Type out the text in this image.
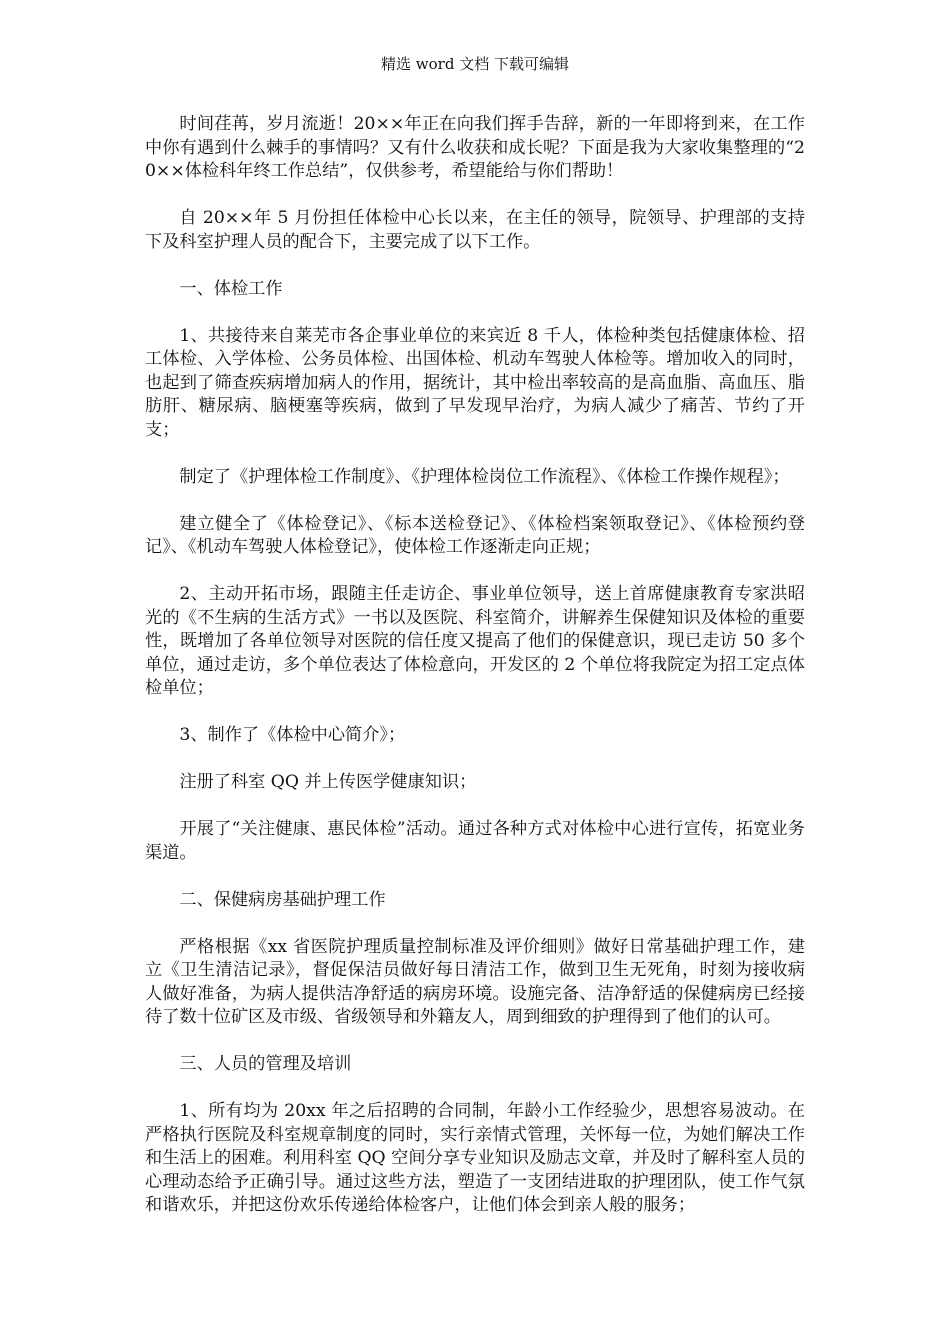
精选 word 文档 下载可编辑

时间荏苒，岁月流逝！20××年正在向我们挥手告辞，新的一年即将到来，在工作中你有遇到什么棘手的事情吗？又有什么收获和成长呢？下面是我为大家收集整理的“20××体检科年终工作总结”，仅供参考，希望能给与你们帮助！

自 20××年 5 月份担任体检中心长以来，在主任的领导，院领导、护理部的支持下及科室护理人员的配合下，主要完成了以下工作。

一、体检工作

1、共接待来自莱芜市各企事业单位的来宾近 8 千人，体检种类包括健康体检、招工体检、入学体检、公务员体检、出国体检、机动车驾驶人体检等。增加收入的同时，也起到了筛查疾病增加病人的作用，据统计，其中检出率较高的是高血脂、高血压、脂肪肝、糖尿病、脑梗塞等疾病，做到了早发现早治疗，为病人减少了痛苦、节约了开支；

制定了《护理体检工作制度》、《护理体检岗位工作流程》、《体检工作操作规程》；

建立健全了《体检登记》、《标本送检登记》、《体检档案领取登记》、《体检预约登记》、《机动车驾驶人体检登记》，使体检工作逐渐走向正规；

2、主动开拓市场，跟随主任走访企、事业单位领导，送上首席健康教育专家洪昭光的《不生病的生活方式》一书以及医院、科室简介，讲解养生保健知识及体检的重要性，既增加了各单位领导对医院的信任度又提高了他们的保健意识，现已走访 50 多个单位，通过走访，多个单位表达了体检意向，开发区的 2 个单位将我院定为招工定点体检单位；

3、制作了《体检中心简介》；

注册了科室 QQ 并上传医学健康知识；

开展了“关注健康、惠民体检”活动。通过各种方式对体检中心进行宣传，拓宽业务渠道。

二、保健病房基础护理工作

严格根据《xx 省医院护理质量控制标准及评价细则》做好日常基础护理工作，建立《卫生清洁记录》，督促保洁员做好每日清洁工作，做到卫生无死角，时刻为接收病人做好准备，为病人提供洁净舒适的病房环境。设施完备、洁净舒适的保健病房已经接待了数十位矿区及市级、省级领导和外籍友人，周到细致的护理得到了他们的认可。

三、人员的管理及培训

1、所有均为 20xx 年之后招聘的合同制，年龄小工作经验少，思想容易波动。在严格执行医院及科室规章制度的同时，实行亲情式管理，关怀每一位，为她们解决工作和生活上的困难。利用科室 QQ 空间分享专业知识及励志文章，并及时了解科室人员的心理动态给予正确引导。通过这些方法，塑造了一支团结进取的护理团队，使工作气氛和谐欢乐，并把这份欢乐传递给体检客户，让他们体会到亲人般的服务；
